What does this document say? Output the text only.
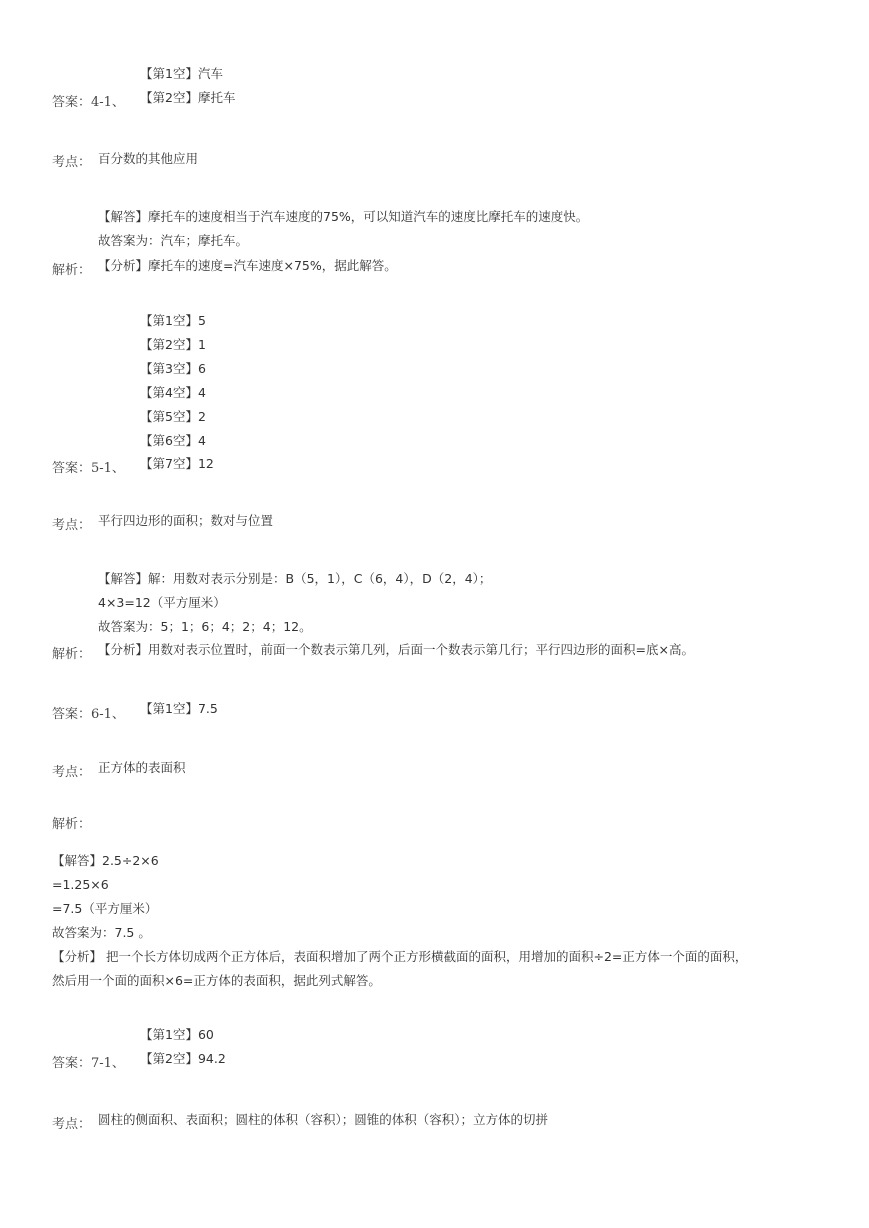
【第1空】汽车
答案：4-1、 【第2空】摩托车
考点： 百分数的其他应用
【解答】摩托车的速度相当于汽车速度的75%，可以知道汽车的速度比摩托车的速度快。
故答案为：汽车；摩托车。
解析： 【分析】摩托车的速度=汽车速度×75%，据此解答。
【第1空】5
【第2空】1
【第3空】6
【第4空】4
【第5空】2
【第6空】4
答案：5-1、 【第7空】12
考点： 平行四边形的面积；数对与位置
【解答】解：用数对表示分别是：B（5，1），C（6，4），D（2，4）；
4×3=12（平方厘米）
故答案为：5；1；6；4；2；4；12。
解析： 【分析】用数对表示位置时，前面一个数表示第几列，后面一个数表示第几行；平行四边形的面积=底×高。
答案：6-1、 【第1空】7.5
考点： 正方体的表面积
解析：
【解答】2.5÷2×6
=1.25×6
=7.5（平方厘米）
故答案为：7.5 。
【分析】 把一个长方体切成两个正方体后，表面积增加了两个正方形横截面的面积，用增加的面积÷2=正方体一个面的面积，
然后用一个面的面积×6=正方体的表面积，据此列式解答。
【第1空】60
答案：7-1、 【第2空】94.2
考点： 圆柱的侧面积、表面积；圆柱的体积（容积）；圆锥的体积（容积）；立方体的切拼
